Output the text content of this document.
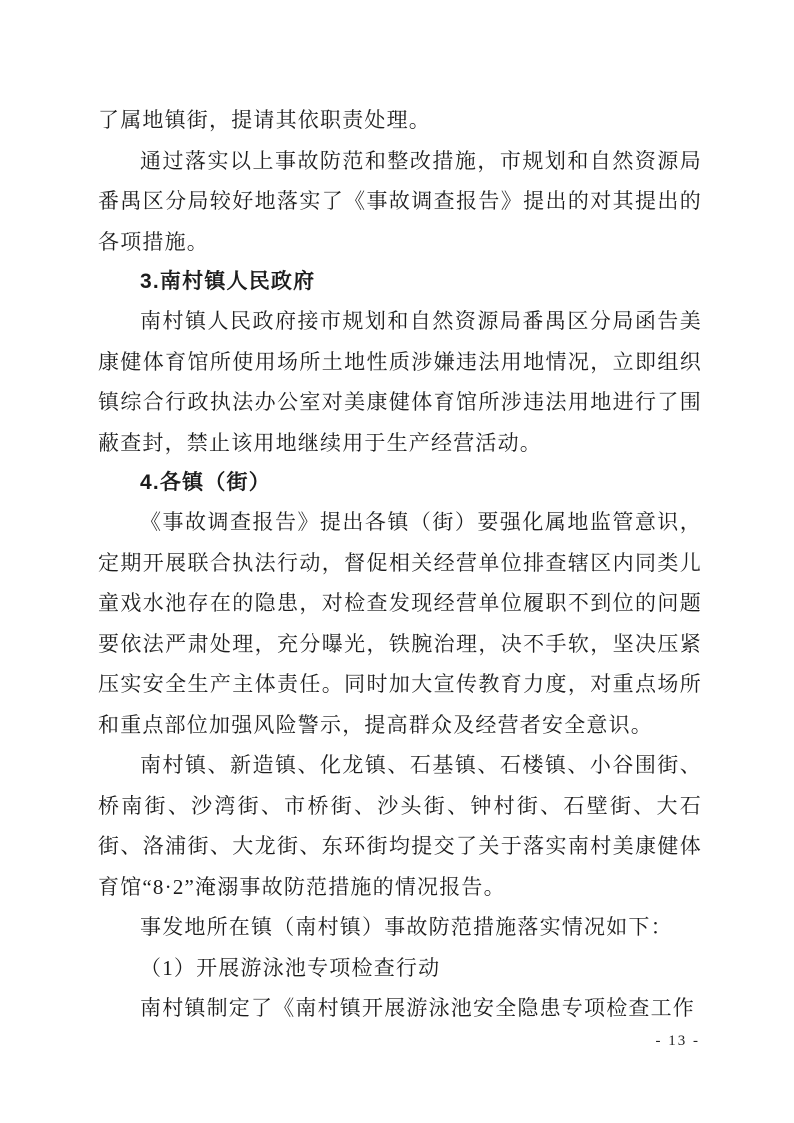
了属地镇街，提请其依职责处理。

通过落实以上事故防范和整改措施，市规划和自然资源局番禺区分局较好地落实了《事故调查报告》提出的对其提出的各项措施。

3.南村镇人民政府

南村镇人民政府接市规划和自然资源局番禺区分局函告美康健体育馆所使用场所土地性质涉嫌违法用地情况，立即组织镇综合行政执法办公室对美康健体育馆所涉违法用地进行了围蔽查封，禁止该用地继续用于生产经营活动。

4.各镇（街）

《事故调查报告》提出各镇（街）要强化属地监管意识，定期开展联合执法行动，督促相关经营单位排查辖区内同类儿童戏水池存在的隐患，对检查发现经营单位履职不到位的问题要依法严肃处理，充分曝光，铁腕治理，决不手软，坚决压紧压实安全生产主体责任。同时加大宣传教育力度，对重点场所和重点部位加强风险警示，提高群众及经营者安全意识。

南村镇、新造镇、化龙镇、石基镇、石楼镇、小谷围街、桥南街、沙湾街、市桥街、沙头街、钟村街、石壁街、大石街、洛浦街、大龙街、东环街均提交了关于落实南村美康健体育馆“8·2”淹溺事故防范措施的情况报告。

事发地所在镇（南村镇）事故防范措施落实情况如下：

（1）开展游泳池专项检查行动

南村镇制定了《南村镇开展游泳池安全隐患专项检查工作

- 13 -
